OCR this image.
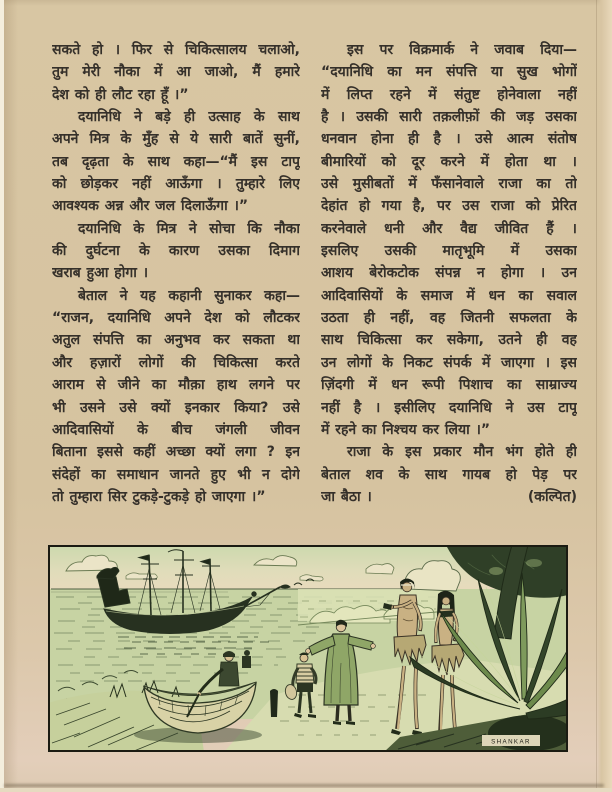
सकते हो । फिर से चिकित्सालय चलाओ,
तुम मेरी नौका में आ जाओ, मैं हमारे
देश को ही लौट रहा हूँ ।”
दयानिधि ने बड़े ही उत्साह के साथ
अपने मित्र के मुँह से ये सारी बातें सुनीं,
तब दृढ़ता के साथ कहा—“मैं इस टापू
को छोड़कर नहीं आऊँगा । तुम्हारे लिए
आवश्यक अन्न और जल दिलाऊँगा ।”
दयानिधि के मित्र ने सोचा कि नौका
की दुर्घटना के कारण उसका दिमाग
खराब हुआ होगा ।
बेताल ने यह कहानी सुनाकर कहा—
“राजन, दयानिधि अपने देश को लौटकर
अतुल संपत्ति का अनुभव कर सकता था
और हज़ारों लोगों की चिकित्सा करते
आराम से जीने का मौक़ा हाथ लगने पर
भी उसने उसे क्यों इनकार किया? उसे
आदिवासियों के बीच जंगली जीवन
बिताना इससे कहीं अच्छा क्यों लगा ? इन
संदेहों का समाधान जानते हुए भी न दोगे
तो तुम्हारा सिर टुकड़े-टुकड़े हो जाएगा ।”
इस पर विक्रमार्क ने जवाब दिया—
“दयानिधि का मन संपत्ति या सुख भोगों
में लिप्त रहने में संतुष्ट होनेवाला नहीं
है । उसकी सारी तक़लीफ़ों की जड़ उसका
धनवान होना ही है । उसे आत्म संतोष
बीमारियों को दूर करने में होता था ।
उसे मुसीबतों में फँसानेवाले राजा का तो
देहांत हो गया है, पर उस राजा को प्रेरित
करनेवाले धनी और वैद्य जीवित हैं ।
इसलिए उसकी मातृभूमि में उसका
आशय बेरोकटोक संपन्न न होगा । उन
आदिवासियों के समाज में धन का सवाल
उठता ही नहीं, वह जितनी सफलता के
साथ चिकित्सा कर सकेगा, उतने ही वह
उन लोगों के निकट संपर्क में जाएगा । इस
ज़िंदगी में धन रूपी पिशाच का साम्राज्य
नहीं है । इसीलिए दयानिधि ने उस टापू
में रहने का निश्चय कर लिया ।”
राजा के इस प्रकार मौन भंग होते ही
बेताल शव के साथ गायब हो पेड़ पर
जा बैठा ।	(कल्पित)
SHANKAR
